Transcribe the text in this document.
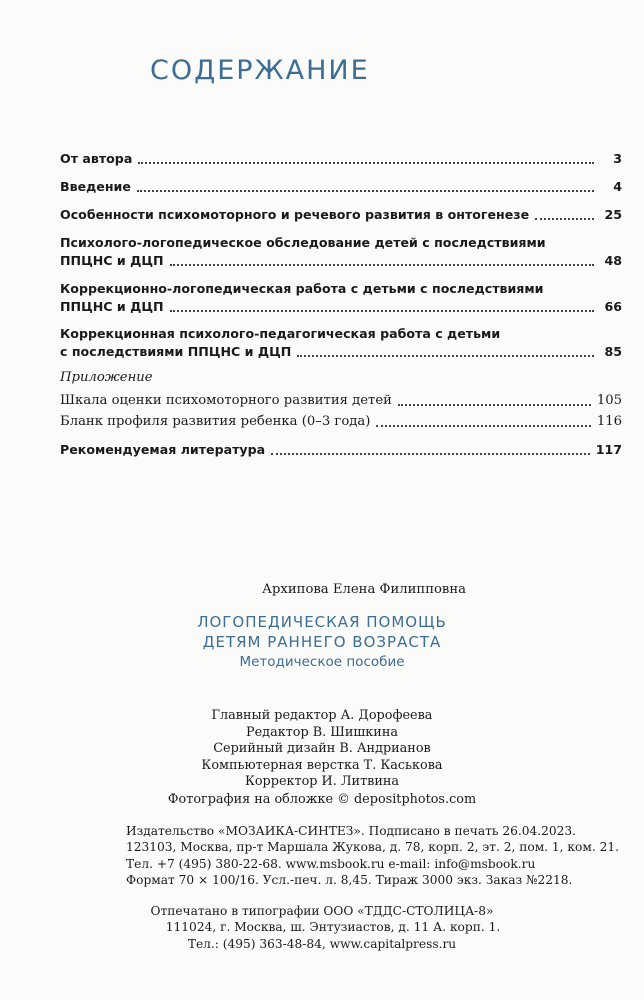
СОДЕРЖАНИЕ
От автора	3
Введение	4
Особенности психомоторного и речевого развития в онтогенезе	25
Психолого-логопедическое обследование детей с последствиями
ППЦНС и ДЦП	48
Коррекционно-логопедическая работа с детьми с последствиями
ППЦНС и ДЦП	66
Коррекционная психолого-педагогическая работа с детьми
с последствиями ППЦНС и ДЦП	85
Приложение
Шкала оценки психомоторного развития детей	105
Бланк профиля развития ребенка (0–3 года)	116
Рекомендуемая литература	117
Архипова Елена Филипповна
ЛОГОПЕДИЧЕСКАЯ ПОМОЩЬ
ДЕТЯМ РАННЕГО ВОЗРАСТА
Методическое пособие
Главный редактор А. Дорофеева
Редактор В. Шишкина
Серийный дизайн В. Андрианов
Компьютерная верстка Т. Каськова
Корректор И. Литвина
Фотография на обложке © depositphotos.com
Издательство «МОЗАИКА-СИНТЕЗ». Подписано в печать 26.04.2023.
123103, Москва, пр-т Маршала Жукова, д. 78, корп. 2, эт. 2, пом. 1, ком. 21.
Тел. +7 (495) 380-22-68. www.msbook.ru e-mail: info@msbook.ru
Формат 70 × 100/16. Усл.-печ. л. 8,45. Тираж 3000 экз. Заказ №2218.
Отпечатано в типографии ООО «ТДДС-СТОЛИЦА-8»
111024, г. Москва, ш. Энтузиастов, д. 11 А. корп. 1.
Тел.: (495) 363-48-84, www.capitalpress.ru
